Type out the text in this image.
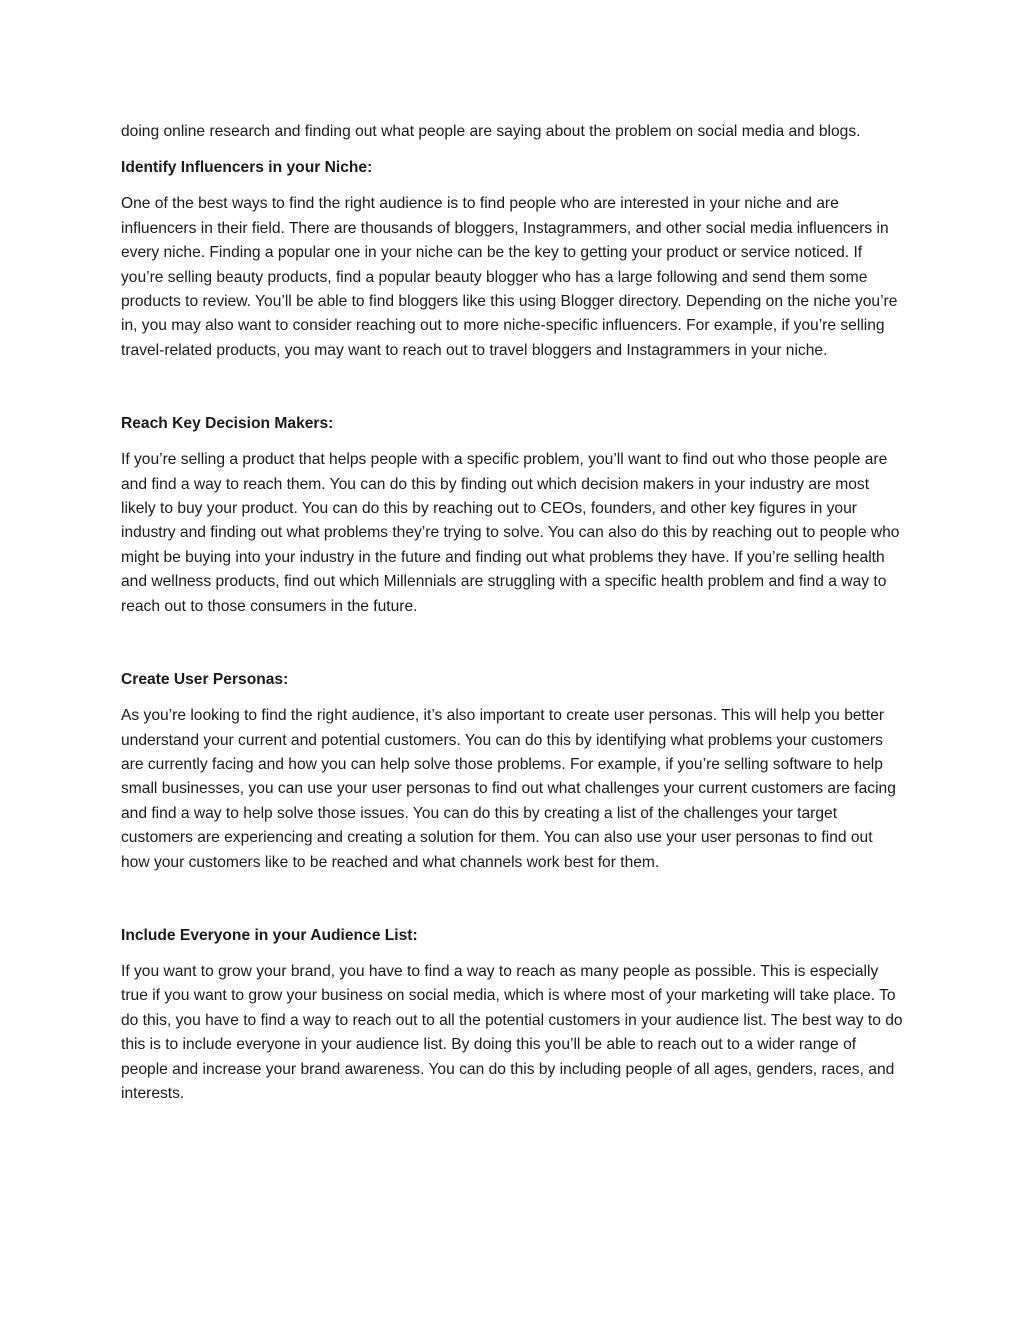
doing online research and finding out what people are saying about the problem on social media and blogs.

Identify Influencers in your Niche:

One of the best ways to find the right audience is to find people who are interested in your niche and are influencers in their field. There are thousands of bloggers, Instagrammers, and other social media influencers in every niche. Finding a popular one in your niche can be the key to getting your product or service noticed. If you’re selling beauty products, find a popular beauty blogger who has a large following and send them some products to review. You’ll be able to find bloggers like this using Blogger directory. Depending on the niche you’re in, you may also want to consider reaching out to more niche-specific influencers. For example, if you’re selling travel-related products, you may want to reach out to travel bloggers and Instagrammers in your niche.

Reach Key Decision Makers:

If you’re selling a product that helps people with a specific problem, you’ll want to find out who those people are and find a way to reach them. You can do this by finding out which decision makers in your industry are most likely to buy your product. You can do this by reaching out to CEOs, founders, and other key figures in your industry and finding out what problems they’re trying to solve. You can also do this by reaching out to people who might be buying into your industry in the future and finding out what problems they have. If you’re selling health and wellness products, find out which Millennials are struggling with a specific health problem and find a way to reach out to those consumers in the future.

Create User Personas:

As you’re looking to find the right audience, it’s also important to create user personas. This will help you better understand your current and potential customers. You can do this by identifying what problems your customers are currently facing and how you can help solve those problems. For example, if you’re selling software to help small businesses, you can use your user personas to find out what challenges your current customers are facing and find a way to help solve those issues. You can do this by creating a list of the challenges your target customers are experiencing and creating a solution for them. You can also use your user personas to find out how your customers like to be reached and what channels work best for them.

Include Everyone in your Audience List:

If you want to grow your brand, you have to find a way to reach as many people as possible. This is especially true if you want to grow your business on social media, which is where most of your marketing will take place. To do this, you have to find a way to reach out to all the potential customers in your audience list. The best way to do this is to include everyone in your audience list. By doing this you’ll be able to reach out to a wider range of people and increase your brand awareness. You can do this by including people of all ages, genders, races, and interests.
